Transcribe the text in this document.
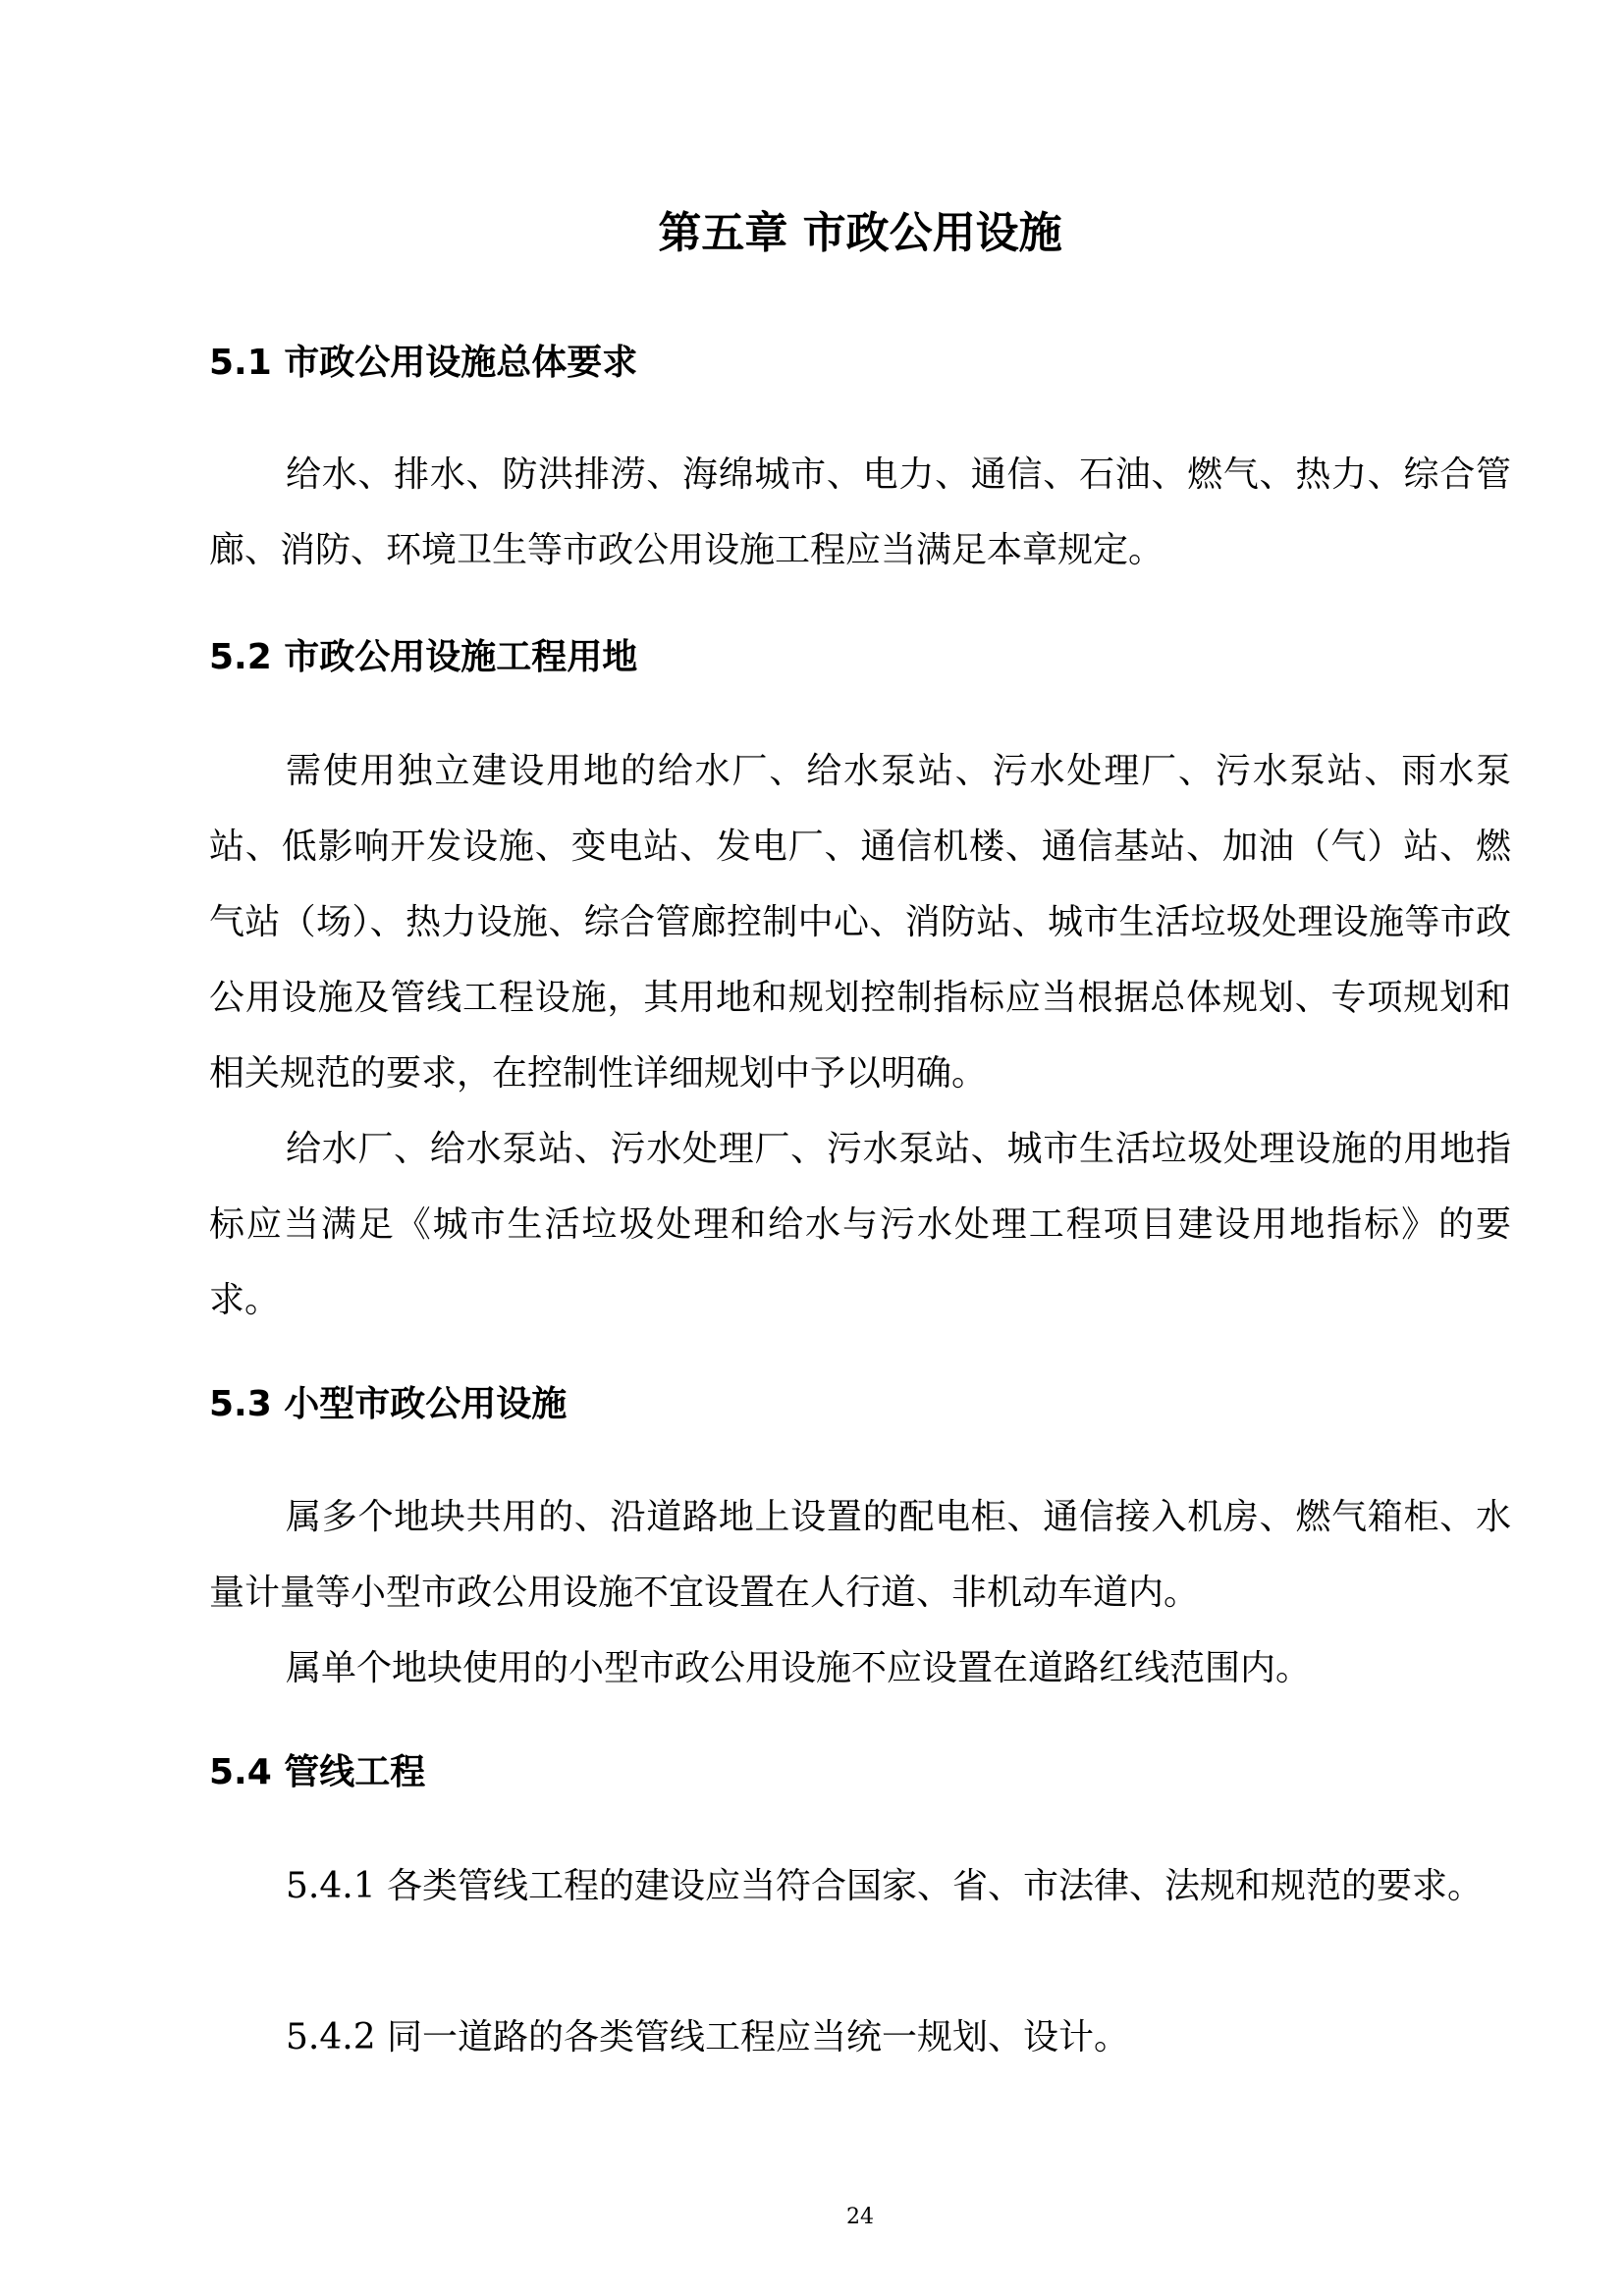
第五章 市政公用设施
5.1 市政公用设施总体要求

给水、排水、防洪排涝、海绵城市、电力、通信、石油、燃气、热力、综合管廊、消防、环境卫生等市政公用设施工程应当满足本章规定。

5.2 市政公用设施工程用地

需使用独立建设用地的给水厂、给水泵站、污水处理厂、污水泵站、雨水泵站、低影响开发设施、变电站、发电厂、通信机楼、通信基站、加油（气）站、燃气站（场）、热力设施、综合管廊控制中心、消防站、城市生活垃圾处理设施等市政公用设施及管线工程设施，其用地和规划控制指标应当根据总体规划、专项规划和相关规范的要求，在控制性详细规划中予以明确。

给水厂、给水泵站、污水处理厂、污水泵站、城市生活垃圾处理设施的用地指标应当满足《城市生活垃圾处理和给水与污水处理工程项目建设用地指标》的要求。

5.3 小型市政公用设施

属多个地块共用的、沿道路地上设置的配电柜、通信接入机房、燃气箱柜、水量计量等小型市政公用设施不宜设置在人行道、非机动车道内。

属单个地块使用的小型市政公用设施不应设置在道路红线范围内。

5.4 管线工程

5.4.1 各类管线工程的建设应当符合国家、省、市法律、法规和规范的要求。

5.4.2 同一道路的各类管线工程应当统一规划、设计。

24
